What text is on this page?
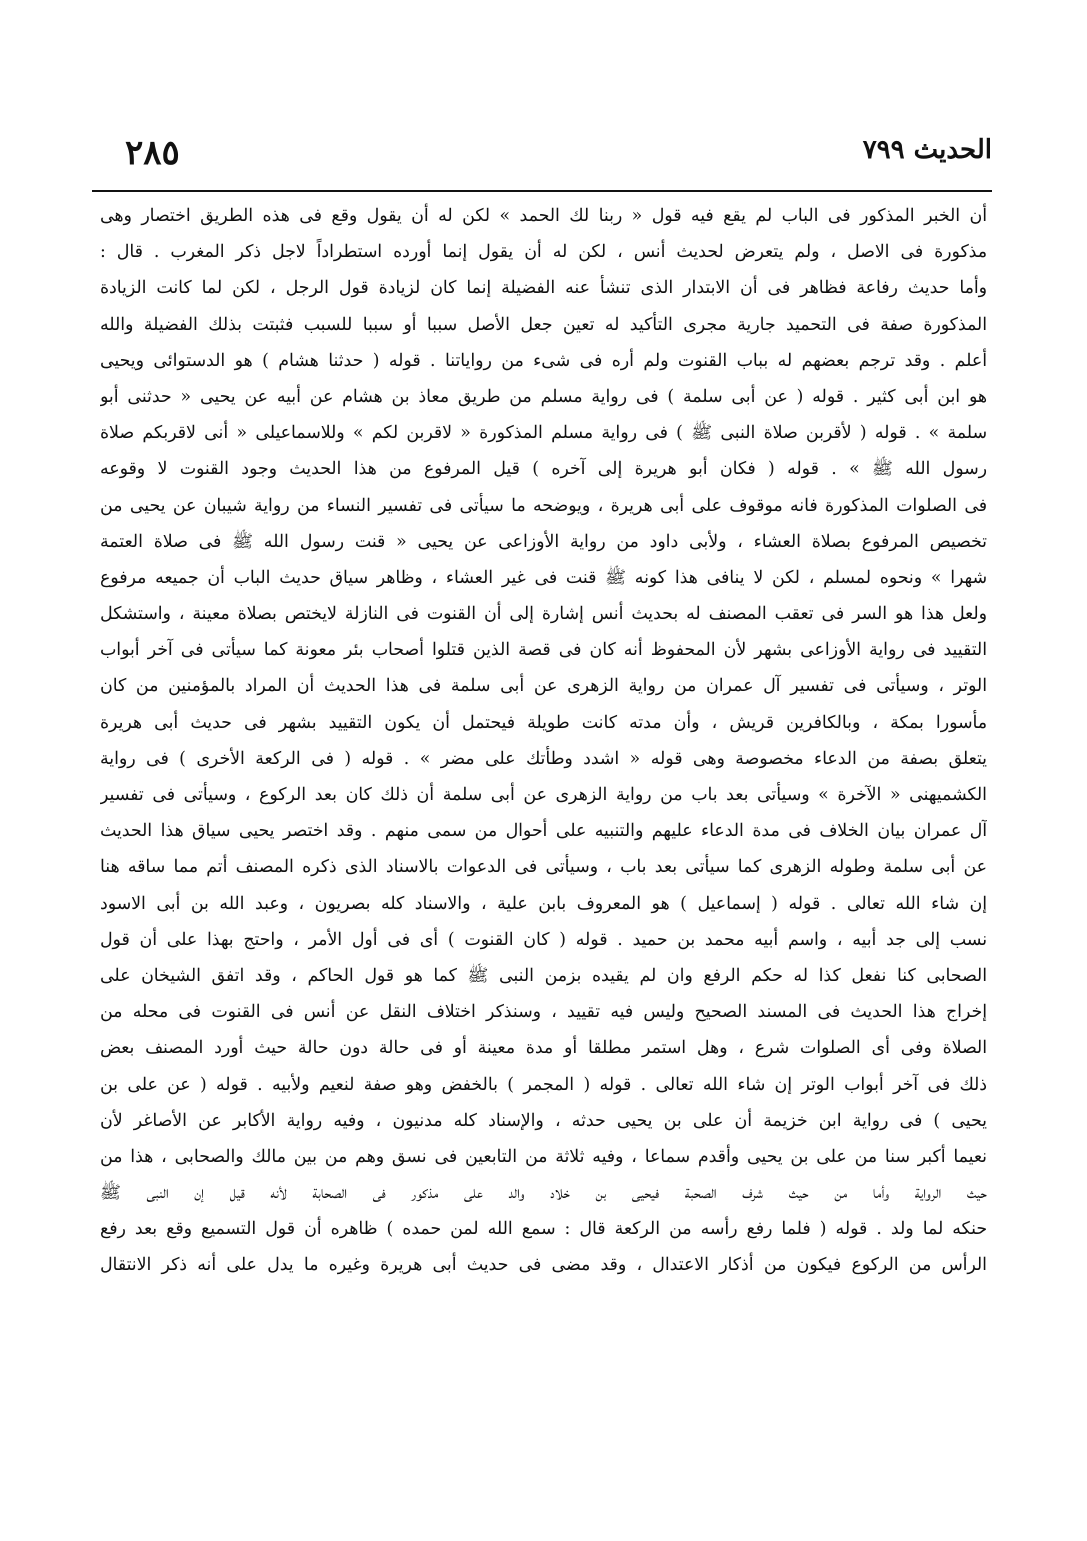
الحديث ٧٩٩
٢٨٥
أن الخبر المذكور فى الباب لم يقع فيه قول « ربنا لك الحمد » لكن له أن يقول وقع فى هذه الطريق اختصار وهى
مذكورة فى الاصل ، ولم يتعرض لحديث أنس ، لكن له أن يقول إنما أورده استطراداً لاجل ذكر المغرب . قال :
وأما حديث رفاعة فظاهر فى أن الابتدار الذى تنشأ عنه الفضيلة إنما كان لزيادة قول الرجل ، لكن لما كانت الزيادة
المذكورة صفة فى التحميد جارية مجرى التأكيد له تعين جعل الأصل سببا أو سببا للسبب فثبتت بذلك الفضيلة والله
أعلم . وقد ترجم بعضهم له بباب القنوت ولم أره فى شىء من رواياتنا . قوله ( حدثنا هشام ) هو الدستوائى ويحيى
هو ابن أبى كثير . قوله ( عن أبى سلمة ) فى رواية مسلم من طريق معاذ بن هشام عن أبيه عن يحيى « حدثنى أبو
سلمة » . قوله ( لأقربن صلاة النبى ﷺ ) فى رواية مسلم المذكورة « لاقربن لكم » وللاسماعيلى « أنى لاقربكم صلاة
رسول الله ﷺ » . قوله ( فكان أبو هريرة إلى آخره ) قيل المرفوع من هذا الحديث وجود القنوت لا وقوعه
فى الصلوات المذكورة فانه موقوف على أبى هريرة ، ويوضحه ما سيأتى فى تفسير النساء من رواية شيبان عن يحيى من
تخصيص المرفوع بصلاة العشاء ، ولأبى داود من رواية الأوزاعى عن يحيى « قنت رسول الله ﷺ فى صلاة العتمة
شهرا » ونحوه لمسلم ، لكن لا ينافى هذا كونه ﷺ قنت فى غير العشاء ، وظاهر سياق حديث الباب أن جميعه مرفوع
ولعل هذا هو السر فى تعقب المصنف له بحديث أنس إشارة إلى أن القنوت فى النازلة لايختص بصلاة معينة ، واستشكل
التقييد فى رواية الأوزاعى بشهر لأن المحفوظ أنه كان فى قصة الذين قتلوا أصحاب بئر معونة كما سيأتى فى آخر أبواب
الوتر ، وسيأتى فى تفسير آل عمران من رواية الزهرى عن أبى سلمة فى هذا الحديث أن المراد بالمؤمنين من كان
مأسورا بمكة ، وبالكافرين قريش ، وأن مدته كانت طويلة فيحتمل أن يكون التقييد بشهر فى حديث أبى هريرة
يتعلق بصفة من الدعاء مخصوصة وهى قوله « اشدد وطأتك على مضر » . قوله ( فى الركعة الأخرى ) فى رواية
الكشميهنى « الآخرة » وسيأتى بعد باب من رواية الزهرى عن أبى سلمة أن ذلك كان بعد الركوع ، وسيأتى فى تفسير
آل عمران بيان الخلاف فى مدة الدعاء عليهم والتنبيه على أحوال من سمى منهم . وقد اختصر يحيى سياق هذا الحديث
عن أبى سلمة وطوله الزهرى كما سيأتى بعد باب ، وسيأتى فى الدعوات بالاسناد الذى ذكره المصنف أتم مما ساقه هنا
إن شاء الله تعالى . قوله ( إسماعيل ) هو المعروف بابن علية ، والاسناد كله بصريون ، وعبد الله بن أبى الاسود
نسب إلى جد أبيه ، واسم أبيه محمد بن حميد . قوله ( كان القنوت ) أى فى أول الأمر ، واحتج بهذا على أن قول
الصحابى كنا نفعل كذا له حكم الرفع وان لم يقيده بزمن النبى ﷺ كما هو قول الحاكم ، وقد اتفق الشيخان على
إخراج هذا الحديث فى المسند الصحيح وليس فيه تقييد ، وسنذكر اختلاف النقل عن أنس فى القنوت فى محله من
الصلاة وفى أى الصلوات شرع ، وهل استمر مطلقا أو مدة معينة أو فى حالة دون حالة حيث أورد المصنف بعض
ذلك فى آخر أبواب الوتر إن شاء الله تعالى . قوله ( المجمر ) بالخفض وهو صفة لنعيم ولأبيه . قوله ( عن على بن
يحيى ) فى رواية ابن خزيمة أن على بن يحيى حدثه ، والإسناد كله مدنيون ، وفيه رواية الأكابر عن الأصاغر لأن
نعيما أكبر سنا من على بن يحيى وأقدم سماعا ، وفيه ثلاثة من التابعين فى نسق وهم من بين مالك والصحابى ، هذا من
حيث الرواية وأما من حيث شرف الصحبة فيحيى بن خلاد والد على مذكور فى الصحابة لأنه قيل إن النبى ﷺ
حنكه لما ولد . قوله ( فلما رفع رأسه من الركعة قال : سمع الله لمن حمده ) ظاهره أن قول التسميع وقع بعد رفع
الرأس من الركوع فيكون من أذكار الاعتدال ، وقد مضى فى حديث أبى هريرة وغيره ما يدل على أنه ذكر الانتقال
